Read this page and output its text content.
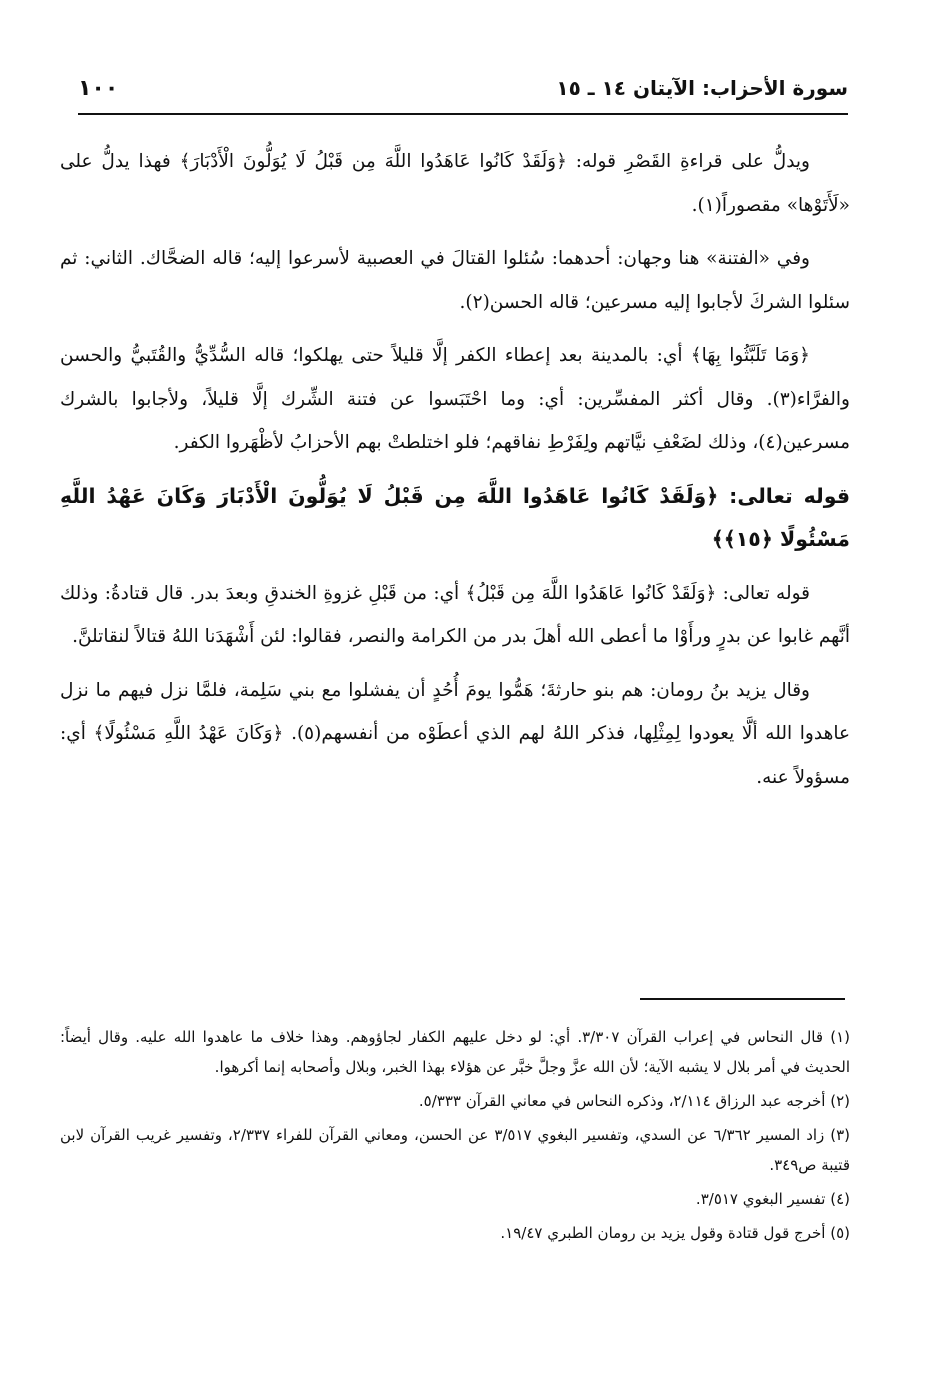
١٠٠	سورة الأحزاب: الآيتان ١٤ ـ ١٥

ويدلُّ على قراءةِ القَصْرِ قوله: ﴿وَلَقَدْ كَانُوا عَاهَدُوا اللَّهَ مِن قَبْلُ لَا يُوَلُّونَ الْأَدْبَارَ﴾ فهذا يدلُّ على «لَأَتَوْها» مقصوراً(١).

وفي «الفتنة» هنا وجهان: أحدهما: سُئلوا القتالَ في العصبية لأسرعوا إليه؛ قاله الضحَّاك. الثاني: ثم سئلوا الشركَ لأجابوا إليه مسرعين؛ قاله الحسن(٢).

﴿وَمَا تَلَبَّثُوا بِهَا﴾ أي: بالمدينة بعد إعطاء الكفر إلَّا قليلاً حتى يهلكوا؛ قاله السُّدِّيُّ والقُتَبيُّ والحسن والفرَّاء(٣). وقال أكثر المفسِّرين: أي: وما احْتَبَسوا عن فتنة الشِّرك إلَّا قليلاً، ولأجابوا بالشرك مسرعين(٤)، وذلك لضَعْفِ نيَّاتهم ولِفَرْطِ نفاقهم؛ فلو اختلطتْ بهم الأحزابُ لأظْهَروا الكفر.

قوله تعالى: ﴿وَلَقَدْ كَانُوا عَاهَدُوا اللَّهَ مِن قَبْلُ لَا يُوَلُّونَ الْأَدْبَارَ وَكَانَ عَهْدُ اللَّهِ مَسْئُولًا ﴿١٥﴾﴾

قوله تعالى: ﴿وَلَقَدْ كَانُوا عَاهَدُوا اللَّهَ مِن قَبْلُ﴾ أي: من قَبْلِ غزوةِ الخندقِ وبعدَ بدر. قال قتادةُ: وذلك أنَّهم غابوا عن بدرٍ ورأَوْا ما أعطى الله أهلَ بدر من الكرامة والنصر، فقالوا: لئن أَشْهَدَنا اللهُ قتالاً لنقاتلنَّ.

وقال يزيد بنُ رومان: هم بنو حارثةَ؛ هَمُّوا يومَ أُحُدٍ أن يفشلوا مع بني سَلِمة، فلمَّا نزل فيهم ما نزل عاهدوا الله ألَّا يعودوا لِمِثْلِها، فذكر اللهُ لهم الذي أعطَوْه من أنفسهم(٥). ﴿وَكَانَ عَهْدُ اللَّهِ مَسْئُولًا﴾ أي: مسؤولاً عنه.

(١) قال النحاس في إعراب القرآن ٣/٣٠٧. أي: لو دخل عليهم الكفار لجاؤوهم. وهذا خلاف ما عاهدوا الله عليه. وقال أيضاً: الحديث في أمر بلال لا يشبه الآية؛ لأن الله عزَّ وجلَّ خبَّر عن هؤلاء بهذا الخبر، وبلال وأصحابه إنما أكرهوا.

(٢) أخرجه عبد الرزاق ٢/١١٤، وذكره النحاس في معاني القرآن ٥/٣٣٣.

(٣) زاد المسير ٦/٣٦٢ عن السدي، وتفسير البغوي ٣/٥١٧ عن الحسن، ومعاني القرآن للفراء ٢/٣٣٧، وتفسير غريب القرآن لابن قتيبة ص٣٤٩.

(٤) تفسير البغوي ٣/٥١٧.

(٥) أخرج قول قتادة وقول يزيد بن رومان الطبري ١٩/٤٧.
